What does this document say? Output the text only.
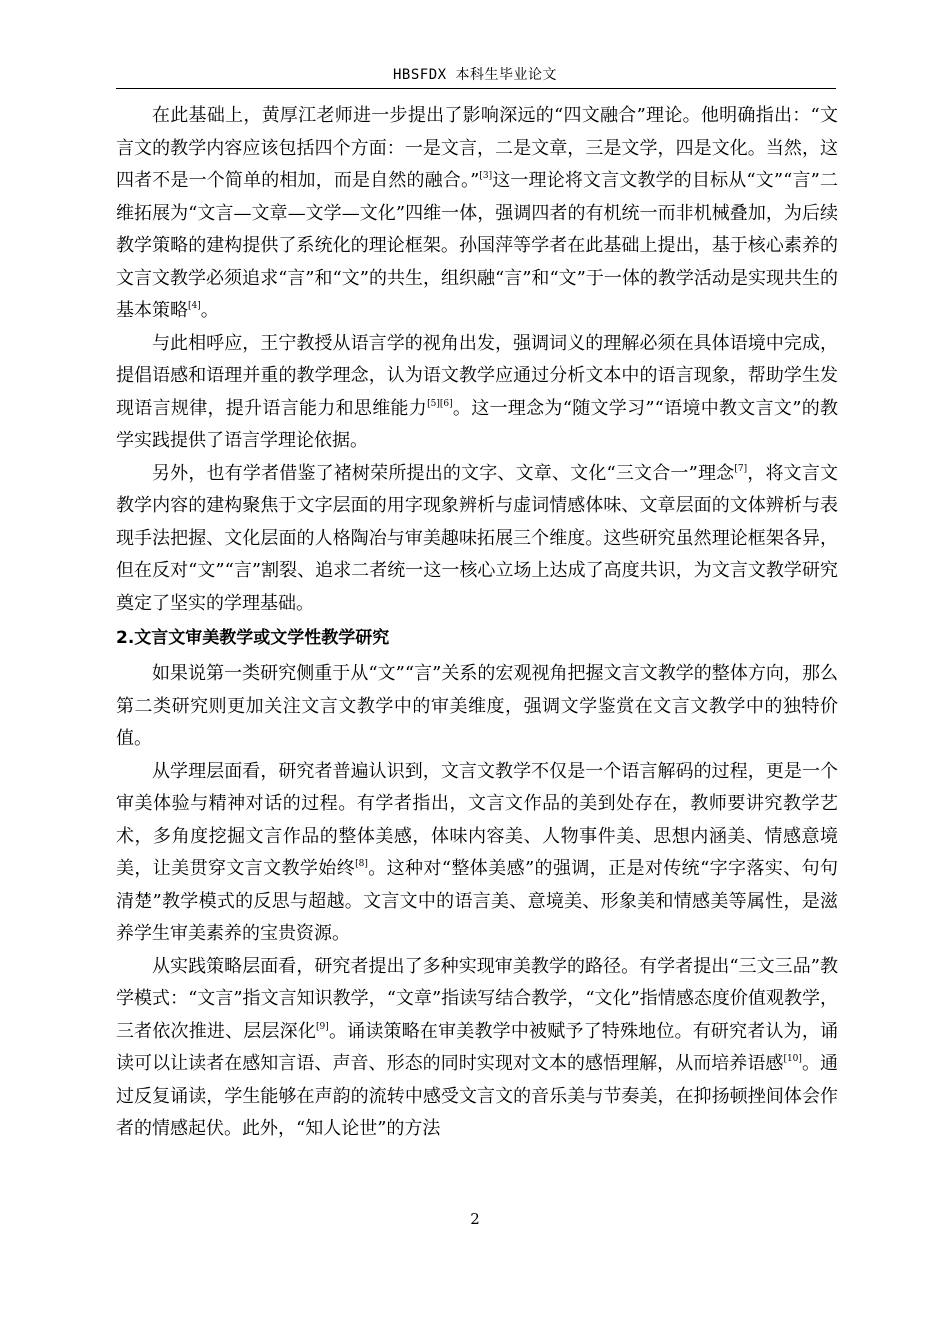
HBSFDX 本科生毕业论文

在此基础上，黄厚江老师进一步提出了影响深远的“四文融合”理论。他明确指出：“文言文的教学内容应该包括四个方面：一是文言，二是文章，三是文学，四是文化。当然，这四者不是一个简单的相加，而是自然的融合。”[3]这一理论将文言文教学的目标从“文”“言”二维拓展为“文言—文章—文学—文化”四维一体，强调四者的有机统一而非机械叠加，为后续教学策略的建构提供了系统化的理论框架。孙国萍等学者在此基础上提出，基于核心素养的文言文教学必须追求“言”和“文”的共生，组织融“言”和“文”于一体的教学活动是实现共生的基本策略[4]。

与此相呼应，王宁教授从语言学的视角出发，强调词义的理解必须在具体语境中完成，提倡语感和语理并重的教学理念，认为语文教学应通过分析文本中的语言现象，帮助学生发现语言规律，提升语言能力和思维能力[5][6]。这一理念为“随文学习”“语境中教文言文”的教学实践提供了语言学理论依据。

另外，也有学者借鉴了褚树荣所提出的文字、文章、文化“三文合一”理念[7]，将文言文教学内容的建构聚焦于文字层面的用字现象辨析与虚词情感体味、文章层面的文体辨析与表现手法把握、文化层面的人格陶冶与审美趣味拓展三个维度。这些研究虽然理论框架各异，但在反对“文”“言”割裂、追求二者统一这一核心立场上达成了高度共识，为文言文教学研究奠定了坚实的学理基础。

2.文言文审美教学或文学性教学研究

如果说第一类研究侧重于从“文”“言”关系的宏观视角把握文言文教学的整体方向，那么第二类研究则更加关注文言文教学中的审美维度，强调文学鉴赏在文言文教学中的独特价值。

从学理层面看，研究者普遍认识到，文言文教学不仅是一个语言解码的过程，更是一个审美体验与精神对话的过程。有学者指出，文言文作品的美到处存在，教师要讲究教学艺术，多角度挖掘文言作品的整体美感，体味内容美、人物事件美、思想内涵美、情感意境美，让美贯穿文言文教学始终[8]。这种对“整体美感”的强调，正是对传统“字字落实、句句清楚”教学模式的反思与超越。文言文中的语言美、意境美、形象美和情感美等属性，是滋养学生审美素养的宝贵资源。

从实践策略层面看，研究者提出了多种实现审美教学的路径。有学者提出“三文三品”教学模式：“文言”指文言知识教学，“文章”指读写结合教学，“文化”指情感态度价值观教学，三者依次推进、层层深化[9]。诵读策略在审美教学中被赋予了特殊地位。有研究者认为，诵读可以让读者在感知言语、声音、形态的同时实现对文本的感悟理解，从而培养语感[10]。通过反复诵读，学生能够在声韵的流转中感受文言文的音乐美与节奏美，在抑扬顿挫间体会作者的情感起伏。此外，“知人论世”的方法

2
